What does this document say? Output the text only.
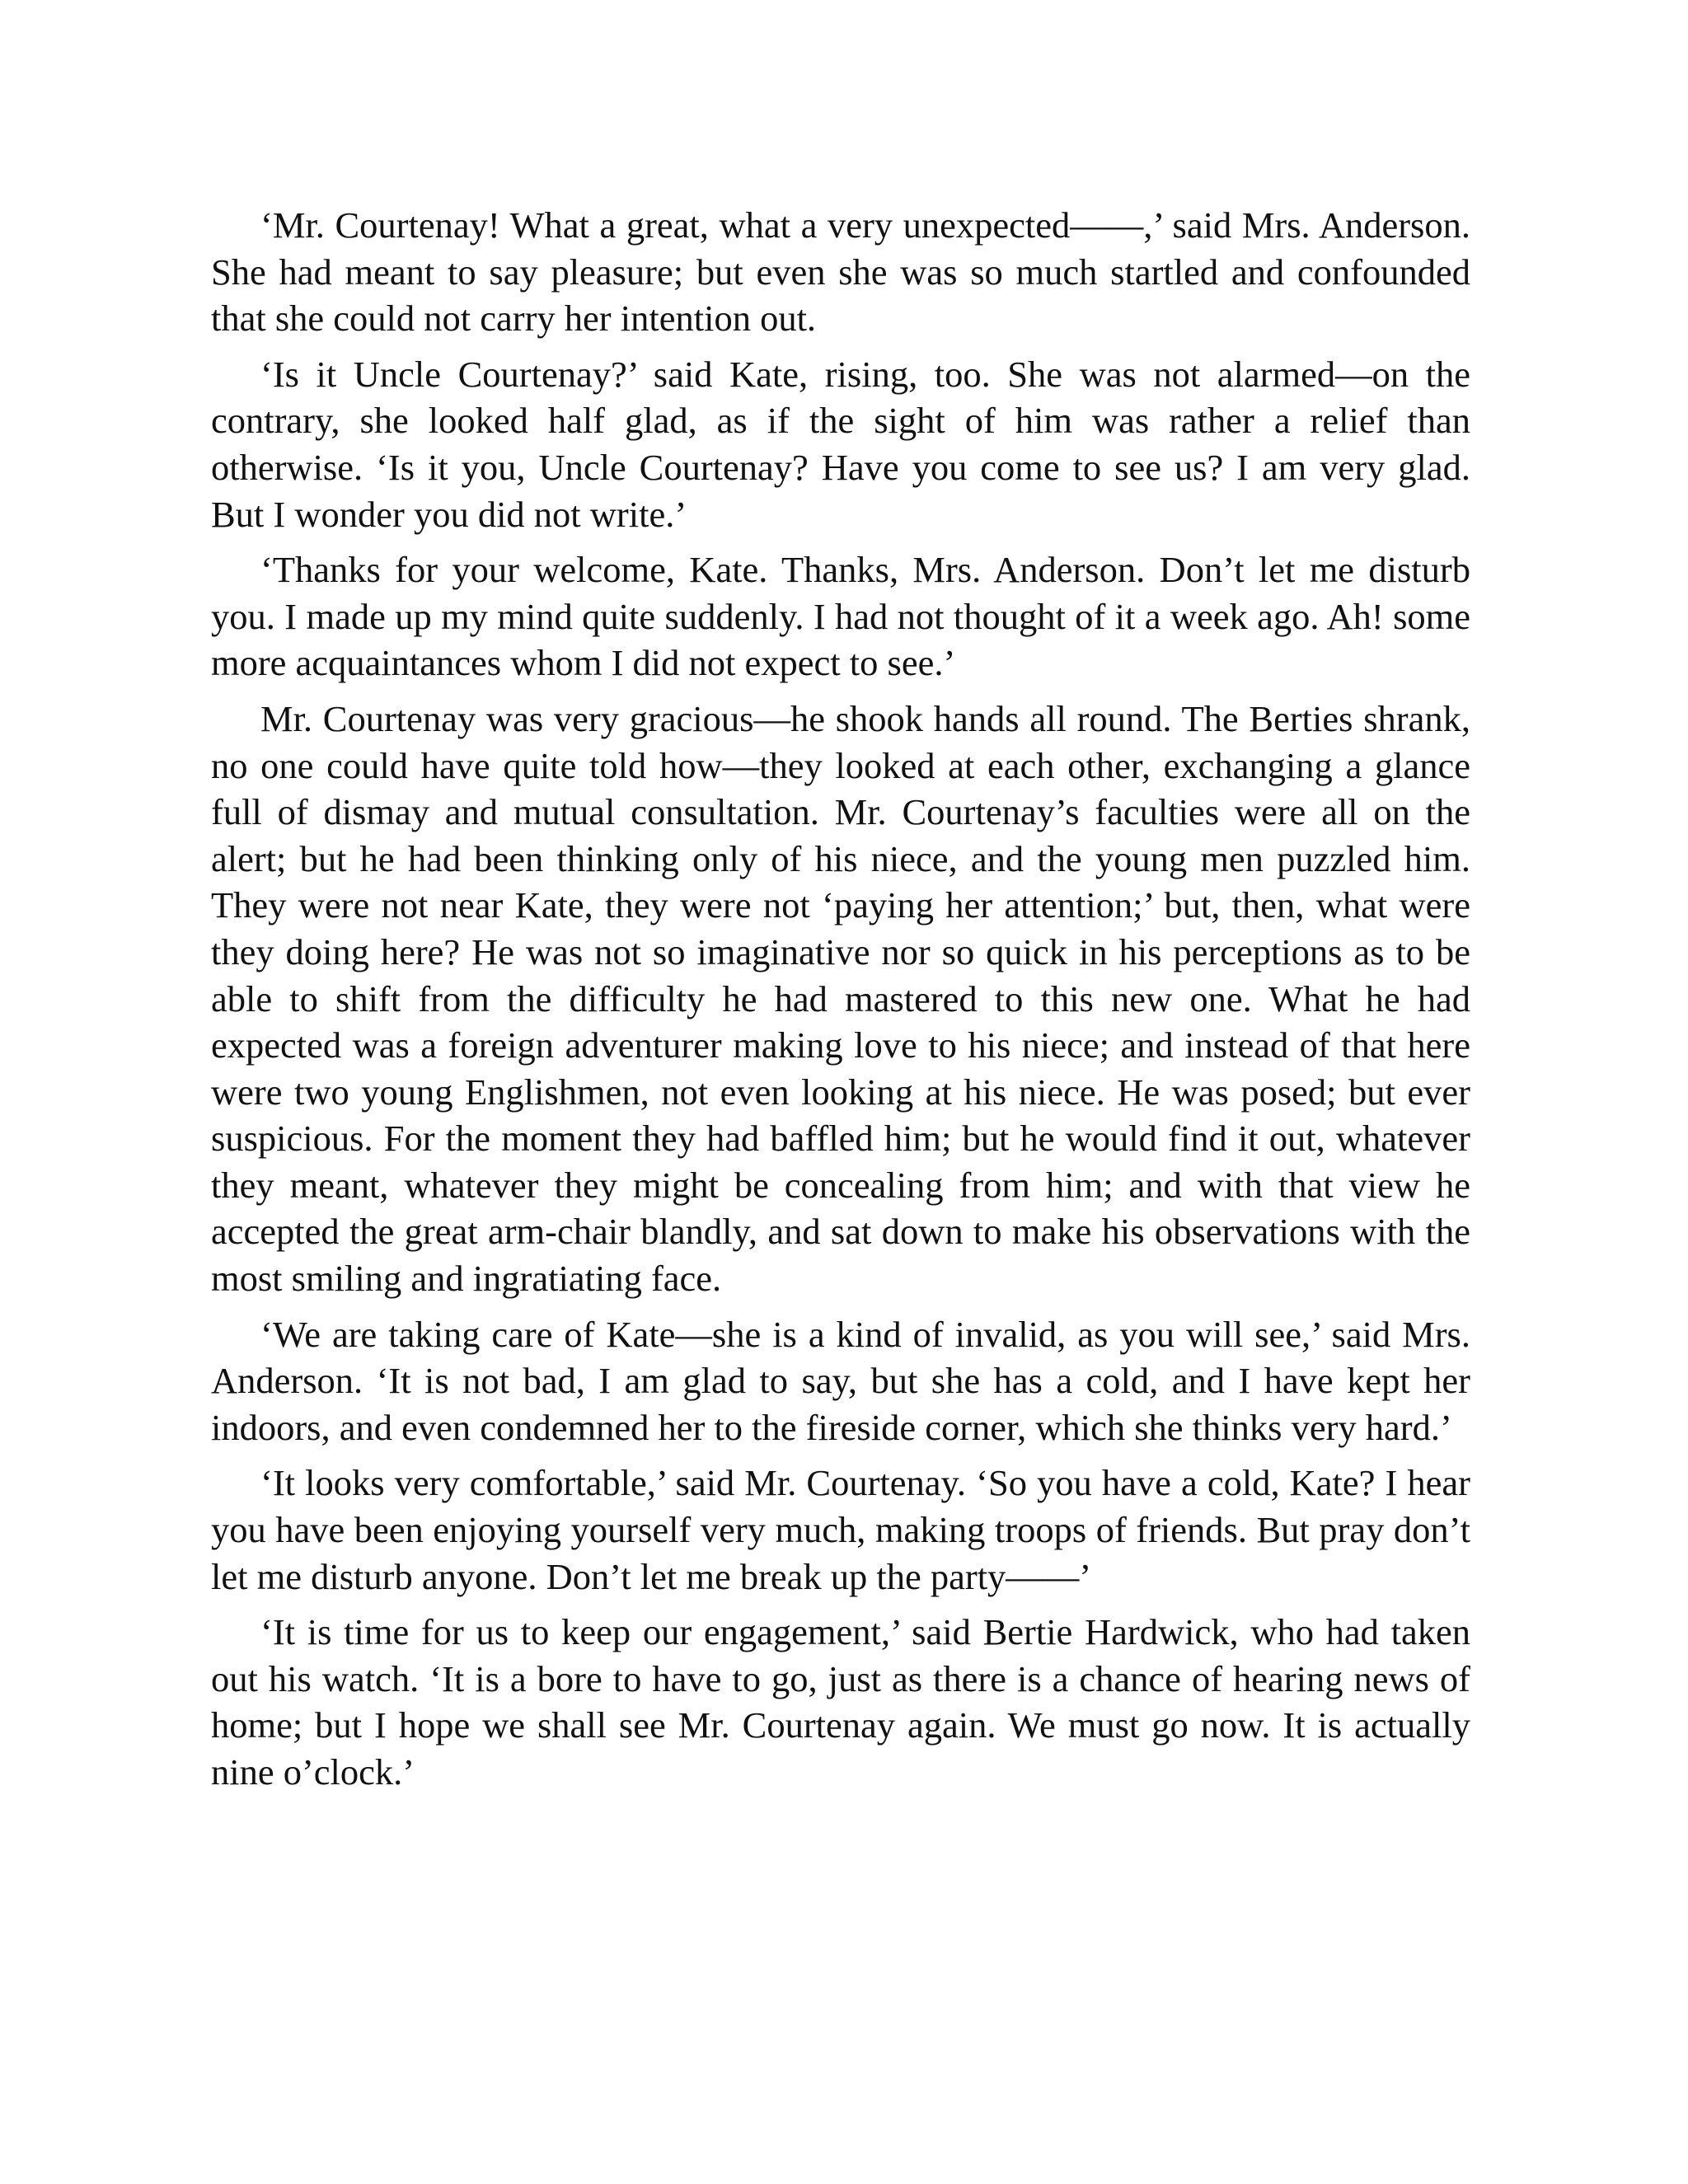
‘Mr. Courtenay! What a great, what a very unexpected——,’ said Mrs. Anderson. She had meant to say pleasure; but even she was so much startled and confounded that she could not carry her intention out.

‘Is it Uncle Courtenay?’ said Kate, rising, too. She was not alarmed—on the contrary, she looked half glad, as if the sight of him was rather a relief than otherwise. ‘Is it you, Uncle Courtenay? Have you come to see us? I am very glad. But I wonder you did not write.’

‘Thanks for your welcome, Kate. Thanks, Mrs. Anderson. Don’t let me disturb you. I made up my mind quite suddenly. I had not thought of it a week ago. Ah! some more acquaintances whom I did not expect to see.’

Mr. Courtenay was very gracious—he shook hands all round. The Berties shrank, no one could have quite told how—they looked at each other, exchanging a glance full of dismay and mutual consultation. Mr. Courtenay’s faculties were all on the alert; but he had been thinking only of his niece, and the young men puzzled him. They were not near Kate, they were not ‘paying her attention;’ but, then, what were they doing here? He was not so imaginative nor so quick in his perceptions as to be able to shift from the difficulty he had mastered to this new one. What he had expected was a foreign adventurer making love to his niece; and instead of that here were two young Englishmen, not even looking at his niece. He was posed; but ever suspicious. For the moment they had baffled him; but he would find it out, whatever they meant, whatever they might be concealing from him; and with that view he accepted the great arm-chair blandly, and sat down to make his observations with the most smiling and ingratiating face.

‘We are taking care of Kate—she is a kind of invalid, as you will see,’ said Mrs. Anderson. ‘It is not bad, I am glad to say, but she has a cold, and I have kept her indoors, and even condemned her to the fireside corner, which she thinks very hard.’

‘It looks very comfortable,’ said Mr. Courtenay. ‘So you have a cold, Kate? I hear you have been enjoying yourself very much, making troops of friends. But pray don’t let me disturb anyone. Don’t let me break up the party——’

‘It is time for us to keep our engagement,’ said Bertie Hardwick, who had taken out his watch. ‘It is a bore to have to go, just as there is a chance of hearing news of home; but I hope we shall see Mr. Courtenay again. We must go now. It is actually nine o’clock.’
